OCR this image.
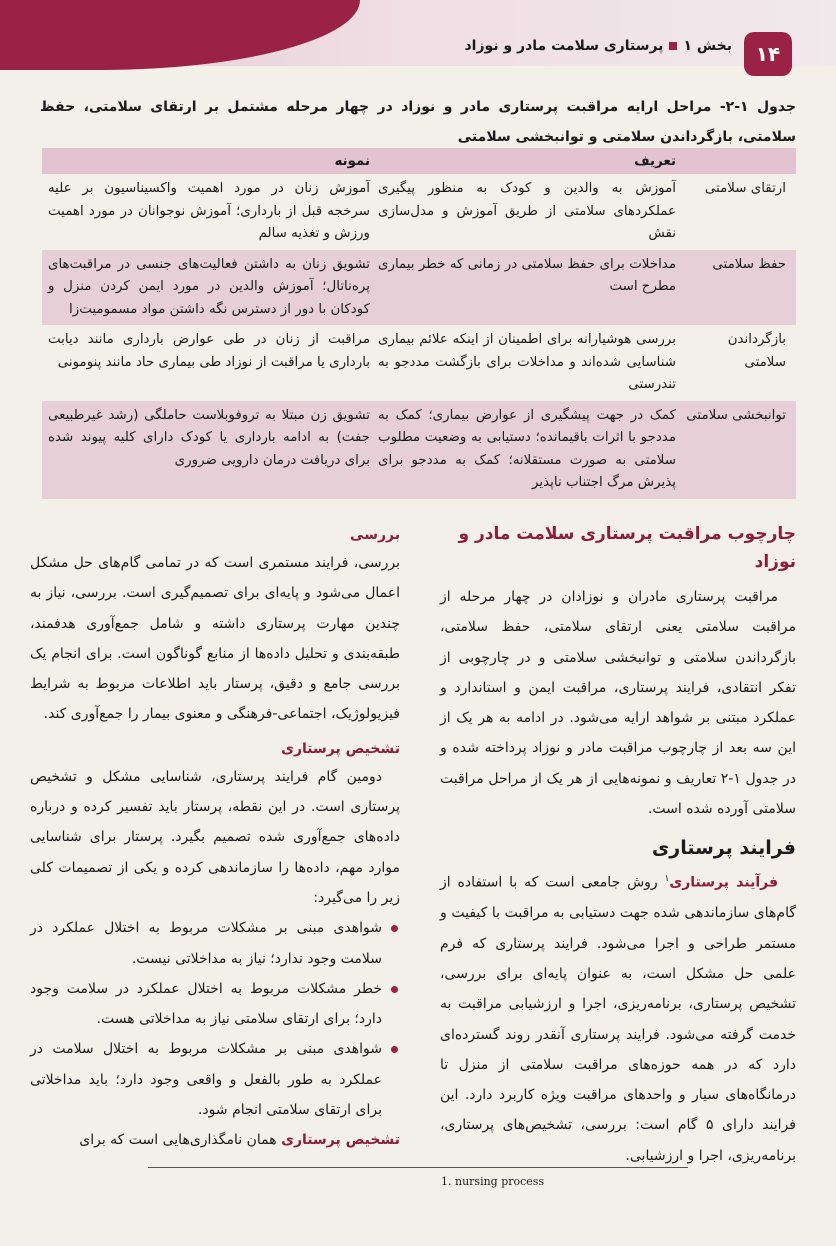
۱۴
بخش ۱پرستاری سلامت مادر و نوزاد
جدول ۱-۲- مراحل ارایه مراقبت پرستاری مادر و نوزاد در چهار مرحله مشتمل بر ارتقای سلامتی، حفظ سلامتی، بازگرداندن سلامتی و توانبخشی سلامتی
تعریف
نمونه
ارتقای سلامتی
آموزش به والدین و کودک به منظور پیگیری عملکردهای سلامتی از طریق آموزش و مدل‌سازی نقش
آموزش زنان در مورد اهمیت واکسیناسیون بر علیه سرخجه قبل از بارداری؛ آموزش نوجوانان در مورد اهمیت ورزش و تغذیه سالم
حفظ سلامتی
مداخلات برای حفظ سلامتی در زمانی که خطر بیماری مطرح است
تشویق زنان به داشتن فعالیت‌های جنسی در مراقبت‌های پره‌ناتال؛ آموزش والدین در مورد ایمن کردن منزل و کودکان با دور از دسترس نگه داشتن مواد مسمومیت‌زا
بازگرداندن سلامتی
بررسی هوشیارانه برای اطمینان از اینکه علائم بیماری شناسایی شده‌اند و مداخلات برای بازگشت مددجو به تندرستی
مراقبت از زنان در طی عوارض بارداری مانند دیابت بارداری یا مراقبت از نوزاد طی بیماری حاد مانند پنومونی
توانبخشی سلامتی
کمک در جهت پیشگیری از عوارض بیماری؛ کمک به مددجو با اثرات باقیمانده؛ دستیابی به وضعیت مطلوب سلامتی به صورت مستقلانه؛ کمک به مددجو برای پذیرش مرگ اجتناب ناپذیر
تشویق زن مبتلا به تروفوبلاست حاملگی (رشد غیرطبیعی جفت) به ادامه بارداری یا کودک دارای کلیه پیوند شده برای دریافت درمان دارویی ضروری
چارچوب مراقبت پرستاری سلامت مادر و نوزاد
مراقبت پرستاری مادران و نوزادان در چهار مرحله از مراقبت سلامتی یعنی ارتقای سلامتی، حفظ سلامتی، بازگرداندن سلامتی و توانبخشی سلامتی و در چارچوبی از تفکر انتقادی، فرایند پرستاری، مراقبت ایمن و استاندارد و عملکرد مبتنی بر شواهد ارایه می‌شود. در ادامه به هر یک از این سه بعد از چارچوب مراقبت مادر و نوزاد پرداخته شده و در جدول ۱-۲ تعاریف و نمونه‌هایی از هر یک از مراحل مراقبت سلامتی آورده شده است.
فرایند پرستاری
فرآیند پرستاری$^۱$ روش جامعی است که با استفاده از گام‌های سازماندهی شده جهت دستیابی به مراقبت با کیفیت و مستمر طراحی و اجرا می‌شود. فرایند پرستاری که فرم علمی حل مشکل است، به عنوان پایه‌ای برای بررسی، تشخیص پرستاری، برنامه‌ریزی، اجرا و ارزشیابی مراقبت به خدمت گرفته می‌شود. فرایند پرستاری آنقدر روند گسترده‌ای دارد که در همه حوزه‌های مراقبت سلامتی از منزل تا درمانگاه‌های سیار و واحدهای مراقبت ویژه کاربرد دارد. این فرایند دارای ۵ گام است: بررسی، تشخیص‌های پرستاری، برنامه‌ریزی، اجرا و ارزشیابی.
بررسی
بررسی، فرایند مستمری است که در تمامی گام‌های حل مشکل اعمال می‌شود و پایه‌ای برای تصمیم‌گیری است. بررسی، نیاز به چندین مهارت پرستاری داشته و شامل جمع‌آوری هدفمند، طبقه‌بندی و تحلیل داده‌ها از منابع گوناگون است. برای انجام یک بررسی جامع و دقیق، پرستار باید اطلاعات مربوط به شرایط فیزیولوژیک، اجتماعی-فرهنگی و معنوی بیمار را جمع‌آوری کند.
تشخیص پرستاری
دومین گام فرایند پرستاری، شناسایی مشکل و تشخیص پرستاری است. در این نقطه، پرستار باید تفسیر کرده و درباره داده‌های جمع‌آوری شده تصمیم بگیرد. پرستار برای شناسایی موارد مهم، داده‌ها را سازماندهی کرده و یکی از تصمیمات کلی زیر را می‌گیرد:
شواهدی مبنی بر مشکلات مربوط به اختلال عملکرد در سلامت وجود ندارد؛ نیاز به مداخلاتی نیست.
خطر مشکلات مربوط به اختلال عملکرد در سلامت وجود دارد؛ برای ارتقای سلامتی نیاز به مداخلاتی هست.
شواهدی مبنی بر مشکلات مربوط به اختلال سلامت در عملکرد به طور بالفعل و واقعی وجود دارد؛ باید مداخلاتی برای ارتقای سلامتی انجام شود.
تشخیص پرستاری همان نامگذاری‌هایی است که برای
1. nursing process
